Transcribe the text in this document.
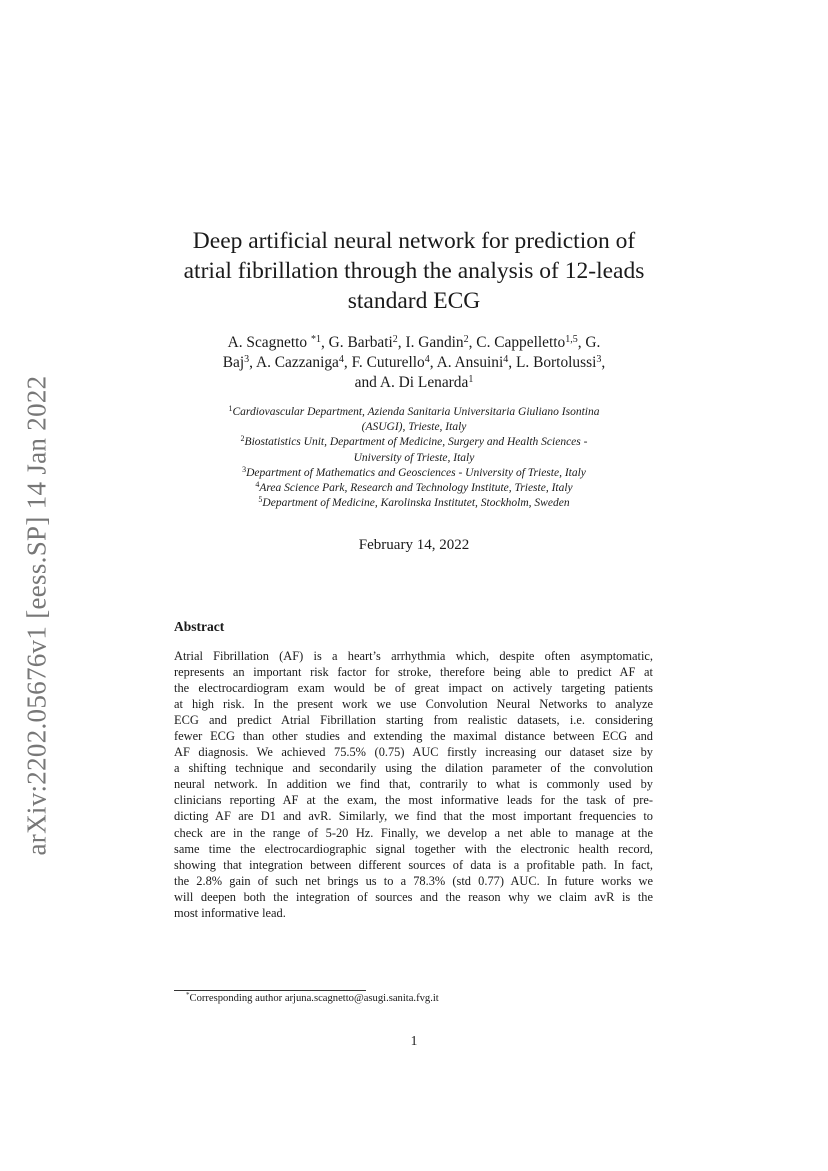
arXiv:2202.05676v1 [eess.SP] 14 Jan 2022
Deep artificial neural network for prediction of
atrial fibrillation through the analysis of 12-leads
standard ECG
A. Scagnetto $^{*1}$, G. Barbati$^2$, I. Gandin$^2$, C. Cappelletto$^{1,5}$, G.
Baj$^3$, A. Cazzaniga$^4$, F. Cuturello$^4$, A. Ansuini$^4$, L. Bortolussi$^3$,
and A. Di Lenarda$^1$
$^1$Cardiovascular Department, Azienda Sanitaria Universitaria Giuliano Isontina
(ASUGI), Trieste, Italy
$^2$Biostatistics Unit, Department of Medicine, Surgery and Health Sciences -
University of Trieste, Italy
$^3$Department of Mathematics and Geosciences - University of Trieste, Italy
$^4$Area Science Park, Research and Technology Institute, Trieste, Italy
$^5$Department of Medicine, Karolinska Institutet, Stockholm, Sweden
February 14, 2022
Abstract
Atrial Fibrillation (AF) is a heart’s arrhythmia which, despite often asymptomatic,
represents an important risk factor for stroke, therefore being able to predict AF at
the electrocardiogram exam would be of great impact on actively targeting patients
at high risk. In the present work we use Convolution Neural Networks to analyze
ECG and predict Atrial Fibrillation starting from realistic datasets, i.e. considering
fewer ECG than other studies and extending the maximal distance between ECG and
AF diagnosis. We achieved 75.5% (0.75) AUC firstly increasing our dataset size by
a shifting technique and secondarily using the dilation parameter of the convolution
neural network. In addition we find that, contrarily to what is commonly used by
clinicians reporting AF at the exam, the most informative leads for the task of pre-
dicting AF are D1 and avR. Similarly, we find that the most important frequencies to
check are in the range of 5-20 Hz. Finally, we develop a net able to manage at the
same time the electrocardiographic signal together with the electronic health record,
showing that integration between different sources of data is a profitable path. In fact,
the 2.8% gain of such net brings us to a 78.3% (std 0.77) AUC. In future works we
will deepen both the integration of sources and the reason why we claim avR is the
most informative lead.
*Corresponding author arjuna.scagnetto@asugi.sanita.fvg.it
1
